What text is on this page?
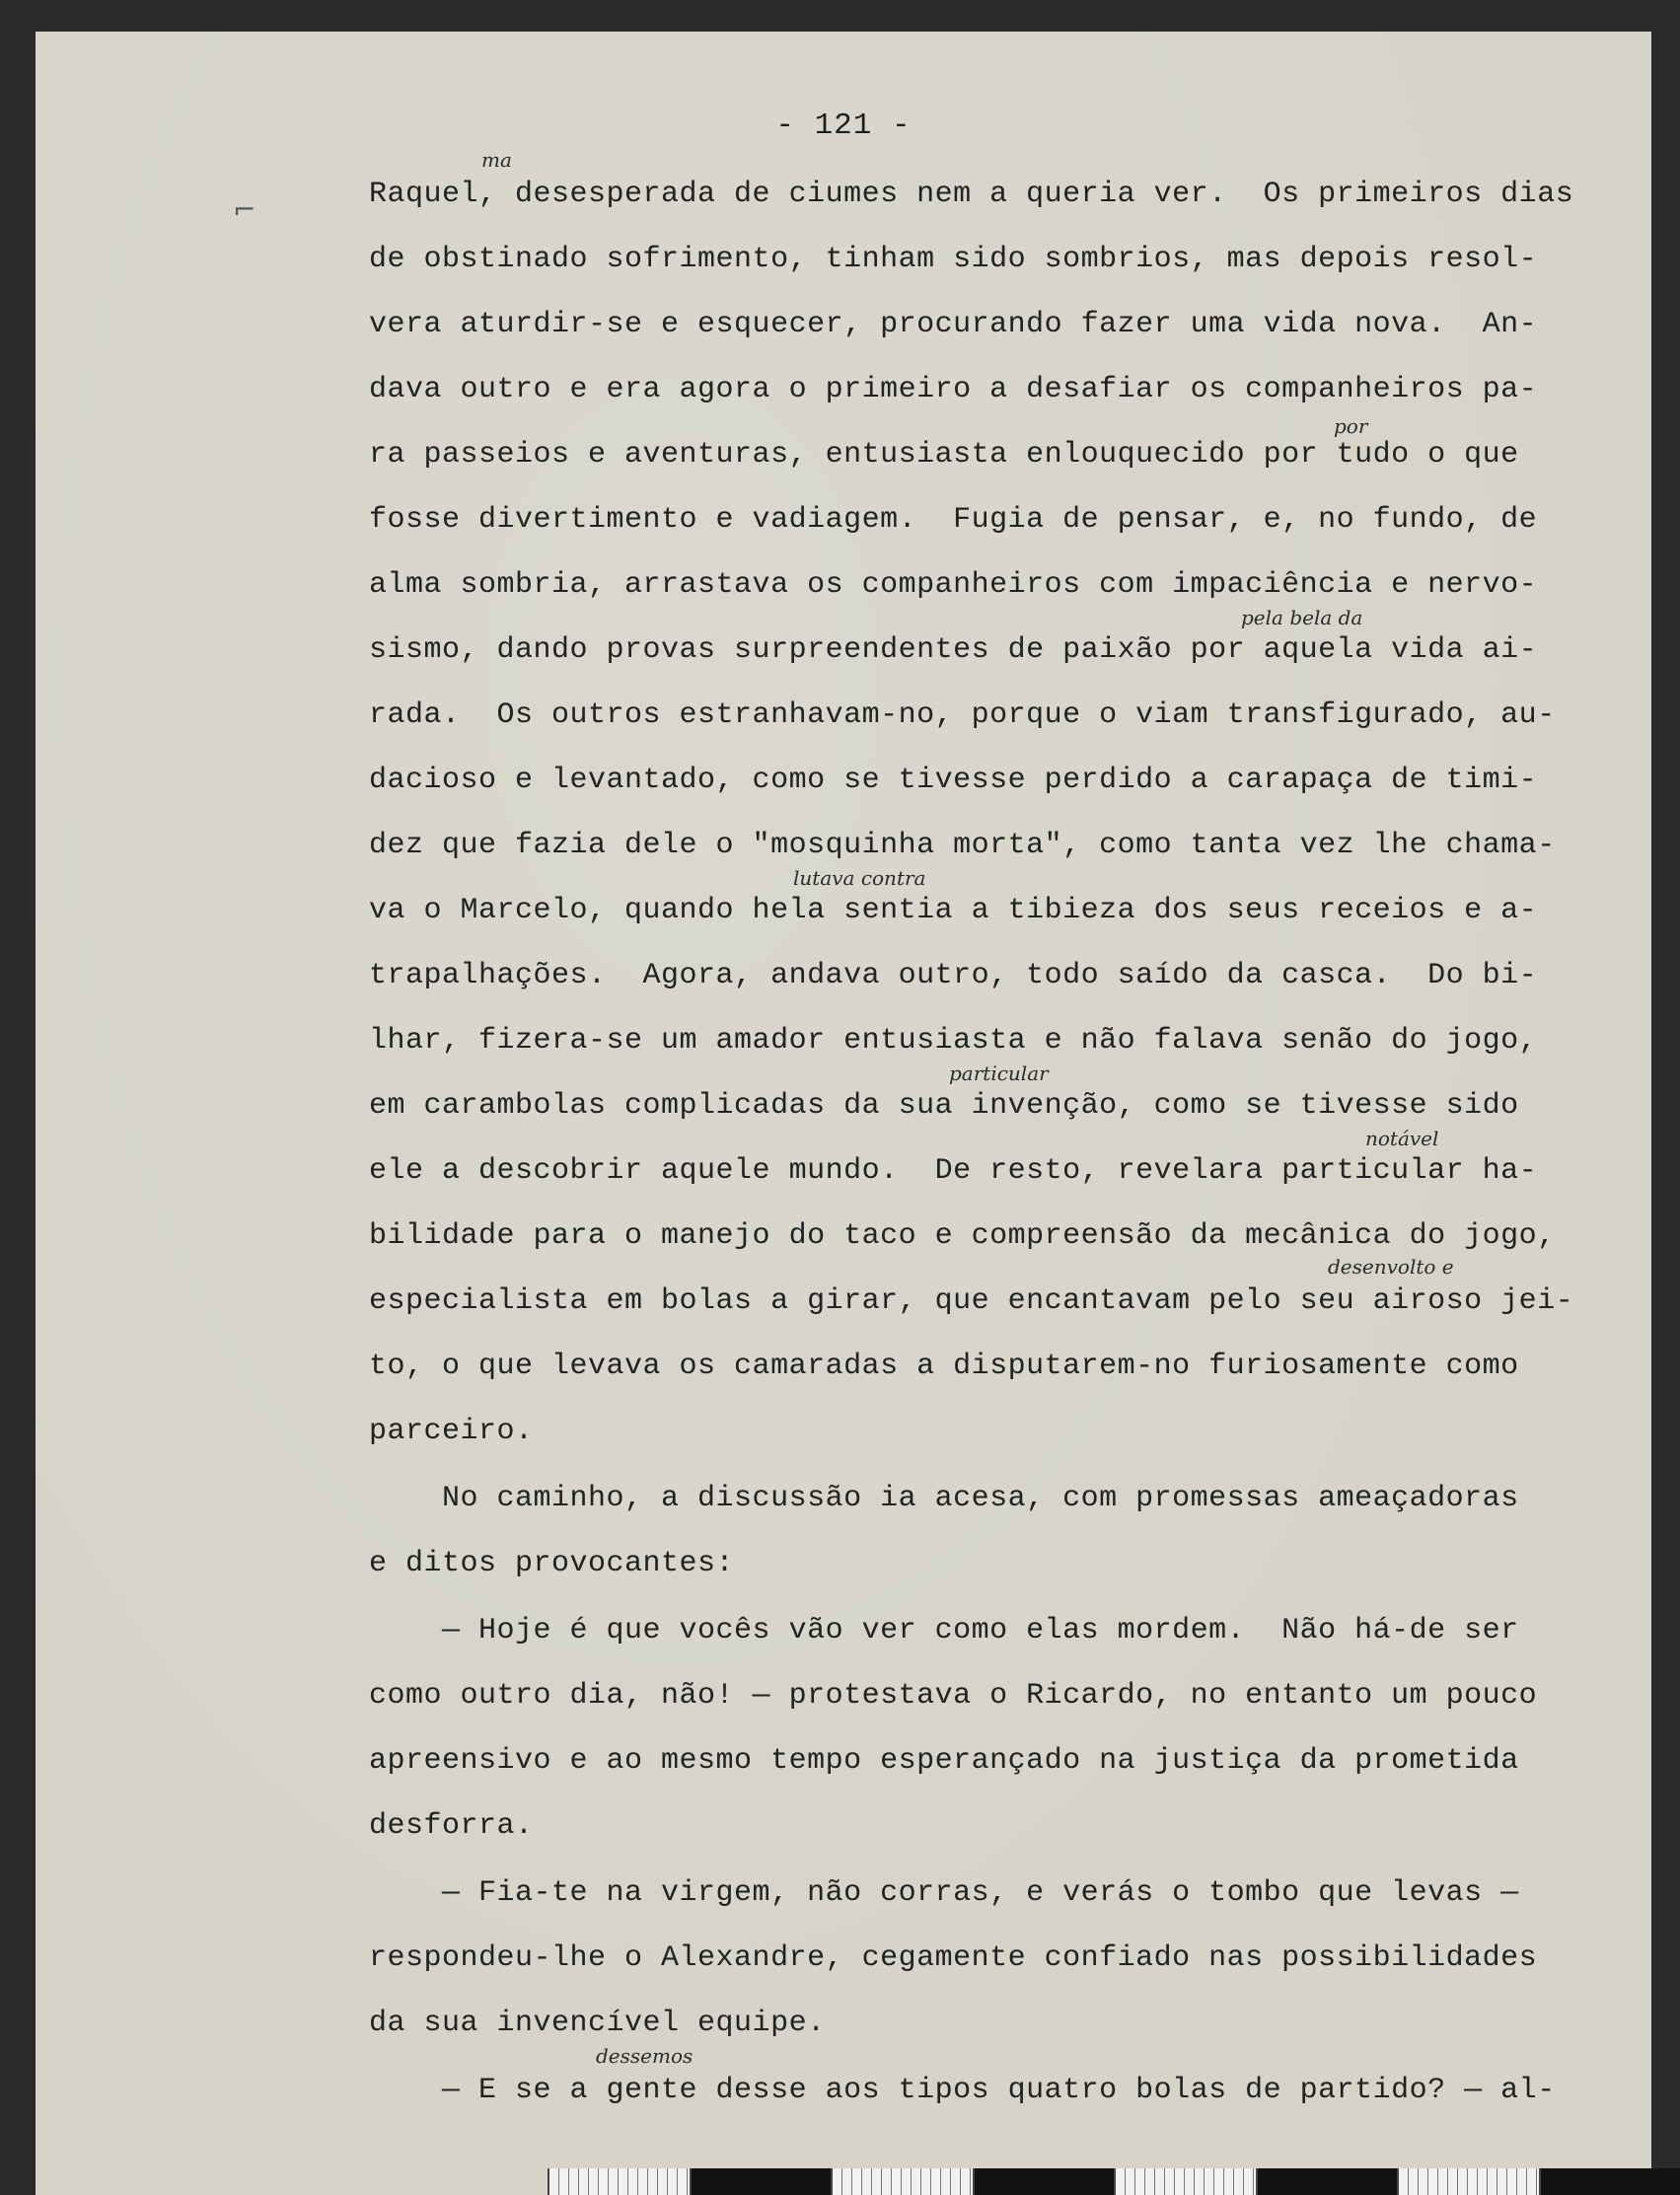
- 121 -
⌐	Raquel, desesperada de ciumes nem a queria ver.  Os primeiros dias
de obstinado sofrimento, tinham sido sombrios, mas depois resol-
vera aturdir-se e esquecer, procurando fazer uma vida nova.  An-
dava outro e era agora o primeiro a desafiar os companheiros pa-
ra passeios e aventuras, entusiasta enlouquecido por tudo o que
fosse divertimento e vadiagem.  Fugia de pensar, e, no fundo, de
alma sombria, arrastava os companheiros com impaciência e nervo-
sismo, dando provas surpreendentes de paixão por aquela vida ai-
rada.  Os outros estranhavam-no, porque o viam transfigurado, au-
dacioso e levantado, como se tivesse perdido a carapaça de timi-
dez que fazia dele o "mosquinha morta", como tanta vez lhe chama-
va o Marcelo, quando hela sentia a tibieza dos seus receios e a-
trapalhações.  Agora, andava outro, todo saído da casca.  Do bi-
lhar, fizera-se um amador entusiasta e não falava senão do jogo,
em carambolas complicadas da sua invenção, como se tivesse sido
ele a descobrir aquele mundo.  De resto, revelara particular ha-
bilidade para o manejo do taco e compreensão da mecânica do jogo,
especialista em bolas a girar, que encantavam pelo seu airoso jei-
to, o que levava os camaradas a disputarem-no furiosamente como
parceiro.
No caminho, a discussão ia acesa, com promessas ameaçadoras
e ditos provocantes:
— Hoje é que vocês vão ver como elas mordem.  Não há-de ser
como outro dia, não! — protestava o Ricardo, no entanto um pouco
apreensivo e ao mesmo tempo esperançado na justiça da prometida
desforra.
— Fia-te na virgem, não corras, e verás o tombo que levas —
respondeu-lhe o Alexandre, cegamente confiado nas possibilidades
da sua invencível equipe.
— E se a gente desse aos tipos quatro bolas de partido? — al-
ma
por
pela bela da
lutava contra
particular
notável
desenvolto e
dessemos
